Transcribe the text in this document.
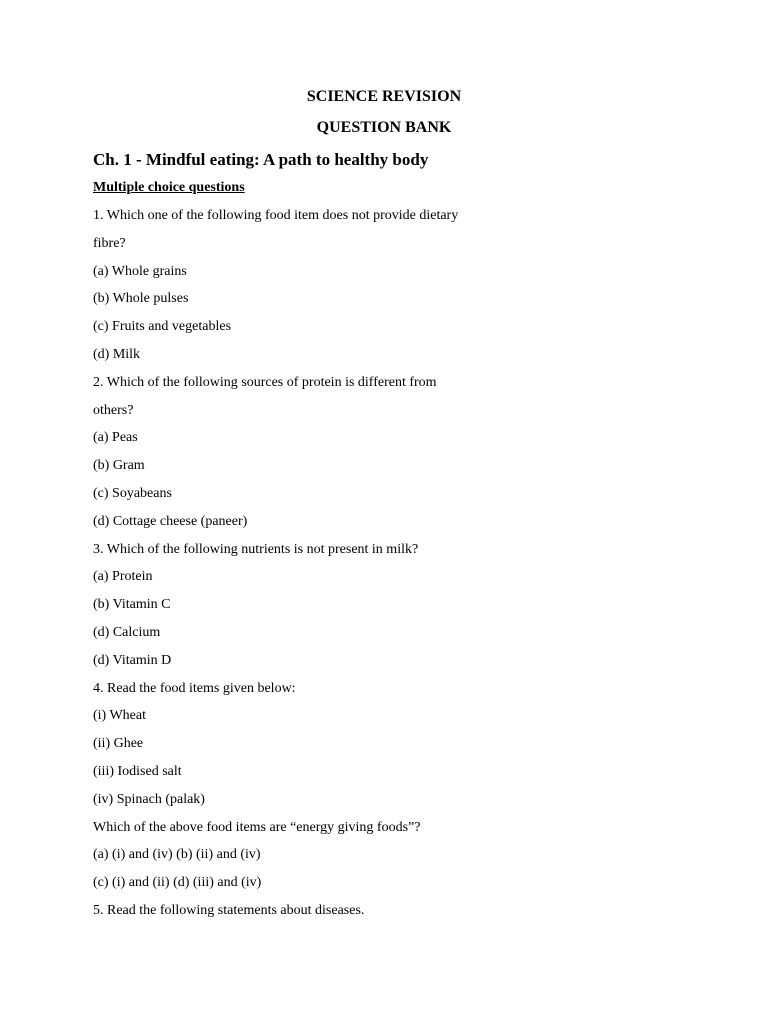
SCIENCE REVISION
QUESTION BANK
Ch. 1 - Mindful eating: A path to healthy body
Multiple choice questions
1. Which one of the following food item does not provide dietary
fibre?
(a) Whole grains
(b) Whole pulses
(c) Fruits and vegetables
(d) Milk
2. Which of the following sources of protein is different from
others?
(a) Peas
(b) Gram
(c) Soyabeans
(d) Cottage cheese (paneer)
3. Which of the following nutrients is not present in milk?
(a) Protein
(b) Vitamin C
(d) Calcium
(d) Vitamin D
4. Read the food items given below:
(i) Wheat
(ii) Ghee
(iii) Iodised salt
(iv) Spinach (palak)
Which of the above food items are “energy giving foods”?
(a) (i) and (iv) (b) (ii) and (iv)
(c) (i) and (ii) (d) (iii) and (iv)
5. Read the following statements about diseases.
